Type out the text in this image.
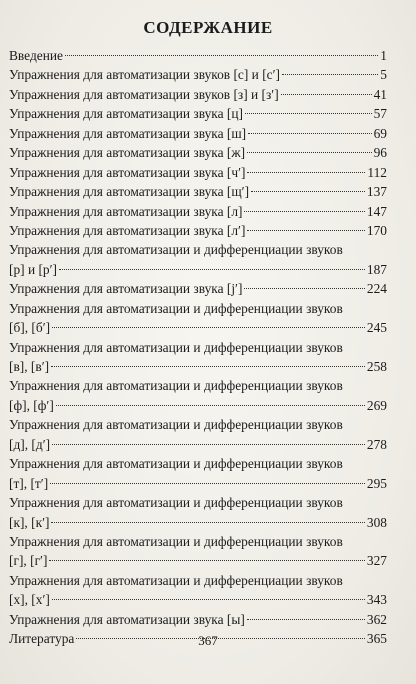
СОДЕРЖАНИЕ
Введение	1
Упражнения для автоматизации звуков [с] и [с′]	5
Упражнения для автоматизации звуков [з] и [з′]	41
Упражнения для автоматизации звука [ц]	57
Упражнения для автоматизации звука [ш]	69
Упражнения для автоматизации звука [ж]	96
Упражнения для автоматизации звука [ч′]	112
Упражнения для автоматизации звука [щ′]	137
Упражнения для автоматизации звука [л]	147
Упражнения для автоматизации звука [л′]	170
Упражнения для автоматизации и дифференциации звуков
[р] и [р′]	187
Упражнения для автоматизации звука [j′]	224
Упражнения для автоматизации и дифференциации звуков
[б], [б′]	245
Упражнения для автоматизации и дифференциации звуков
[в], [в′]	258
Упражнения для автоматизации и дифференциации звуков
[ф], [ф′]	269
Упражнения для автоматизации и дифференциации звуков
[д], [д′]	278
Упражнения для автоматизации и дифференциации звуков
[т], [т′]	295
Упражнения для автоматизации и дифференциации звуков
[к], [к′]	308
Упражнения для автоматизации и дифференциации звуков
[г], [г′]	327
Упражнения для автоматизации и дифференциации звуков
[х], [х′]	343
Упражнения для автоматизации звука [ы]	362
Литература	365
367
